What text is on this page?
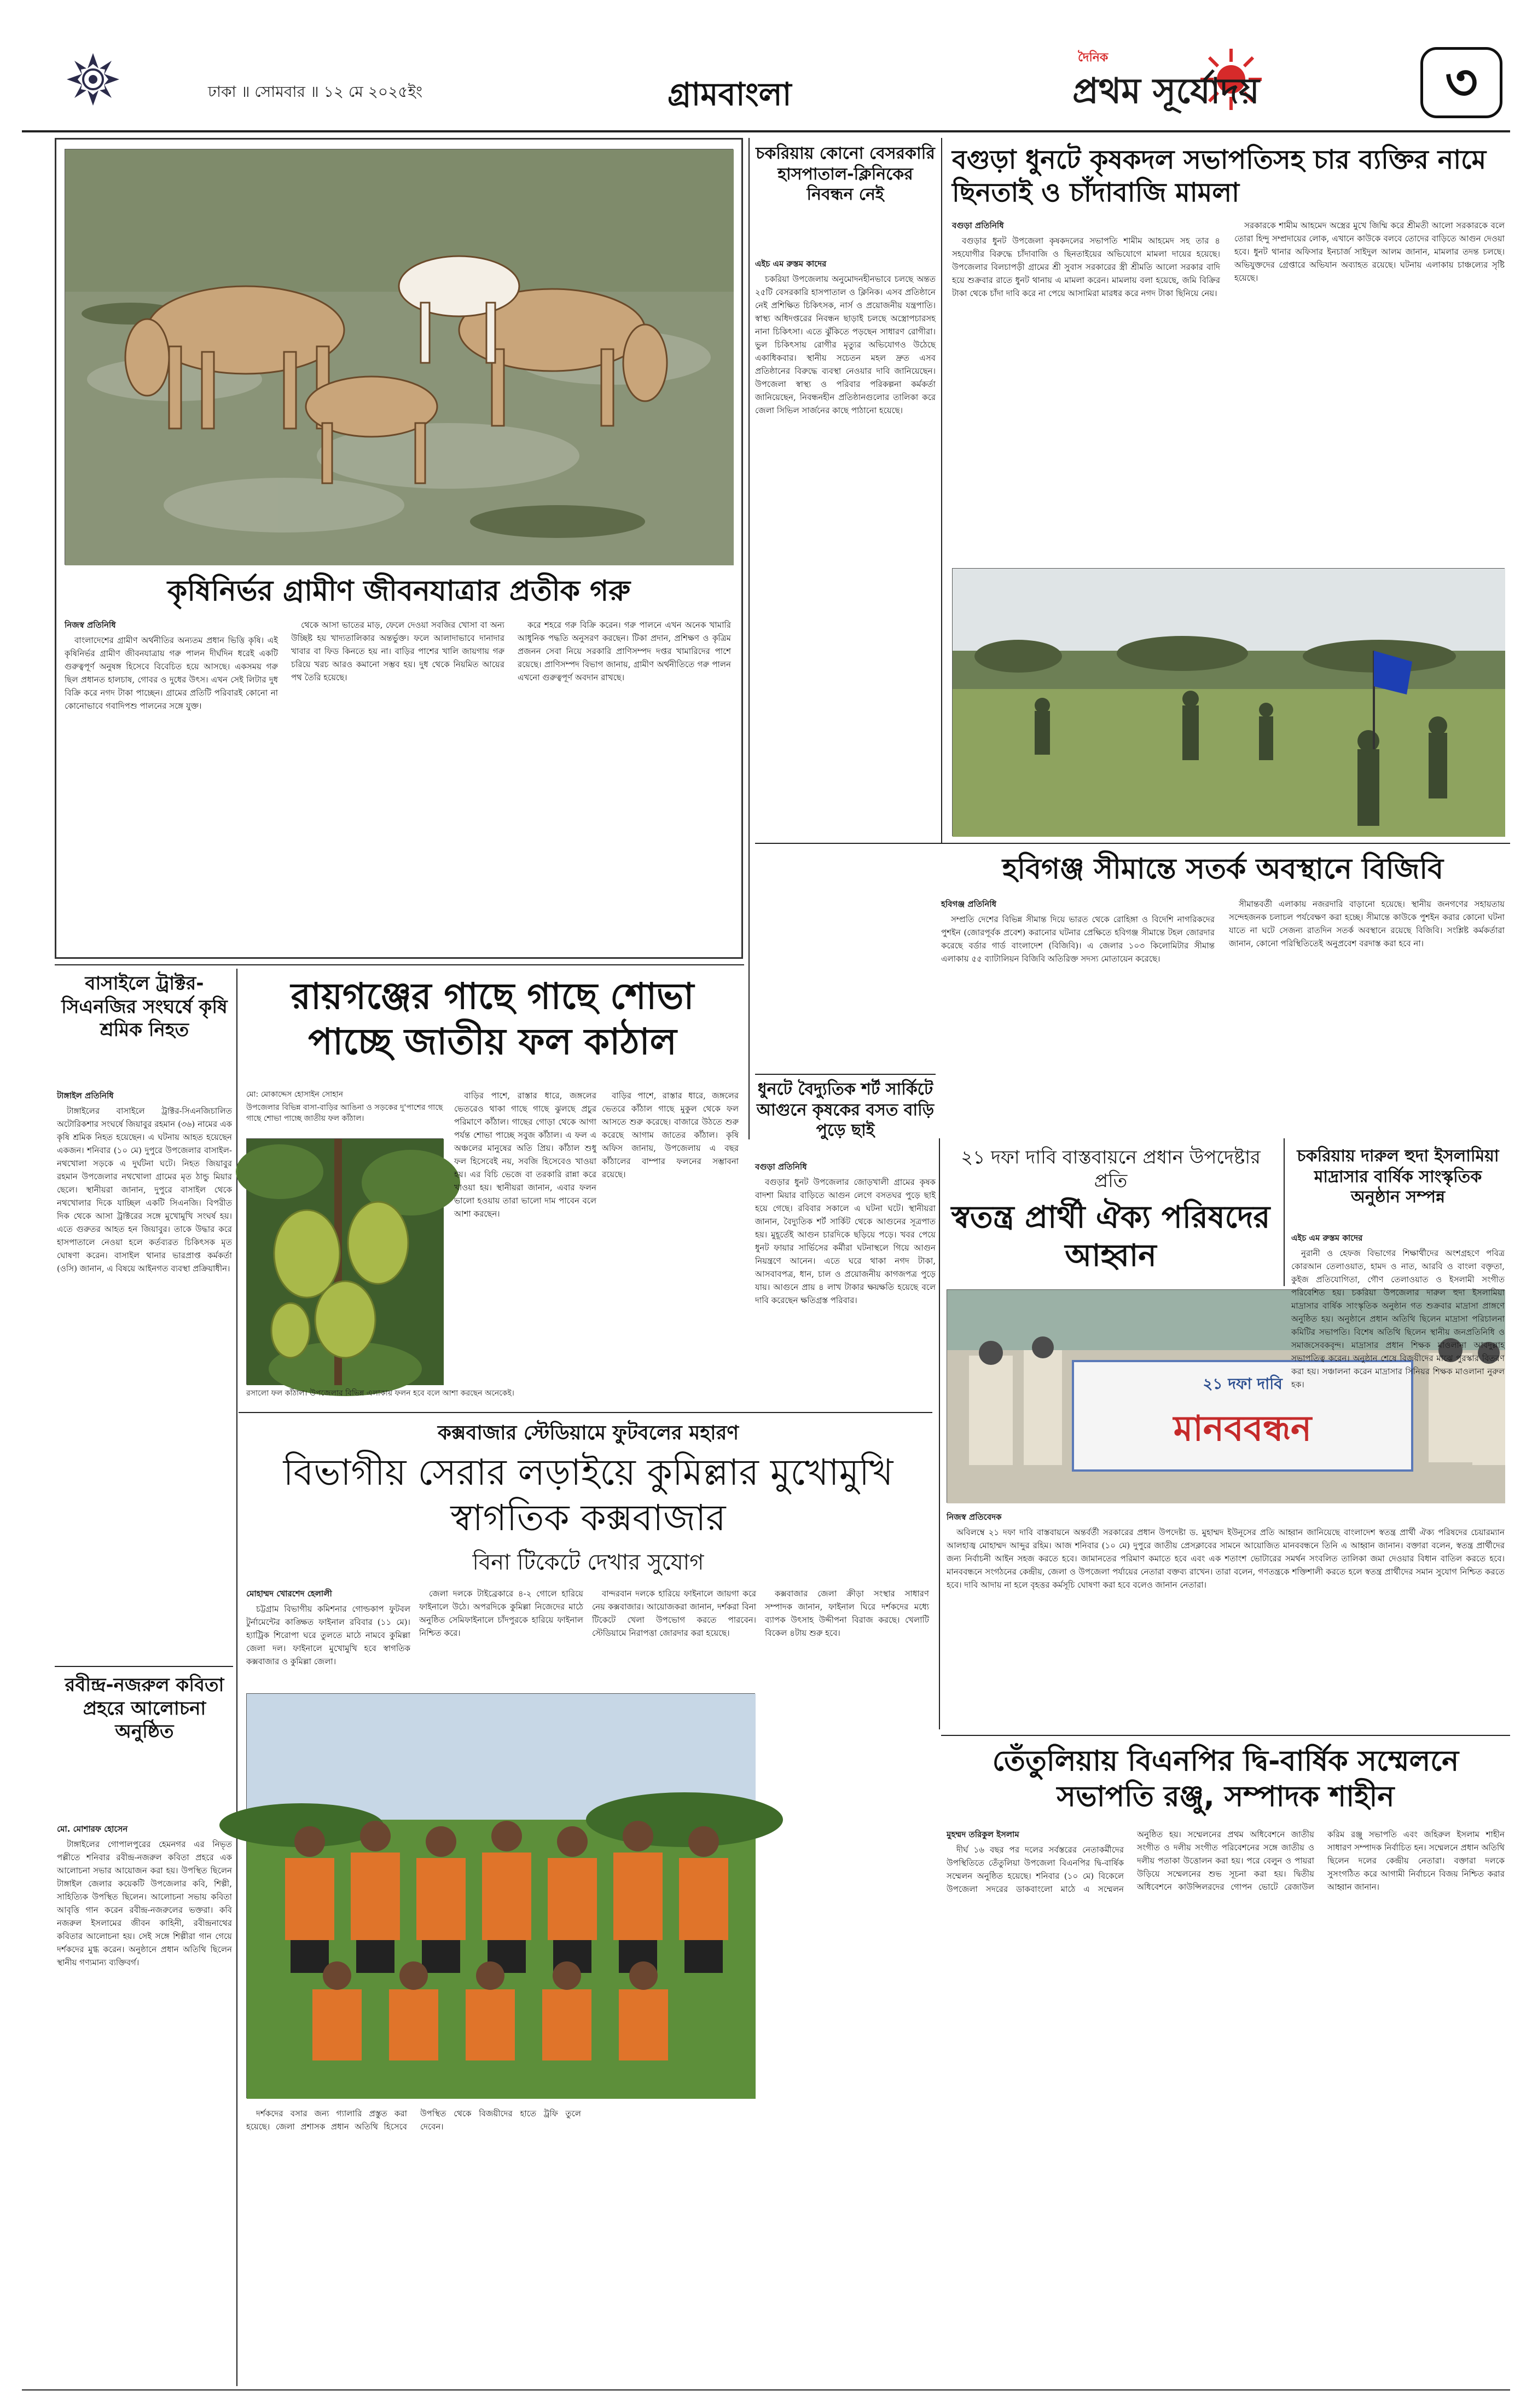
ঢাকা ॥ সোমবার ॥ ১২ মে ২০২৫ইং	গ্রামবাংলা
দৈনিক
প্রথম সূর্যোদয়	৩
কৃষিনির্ভর গ্রামীণ জীবনযাত্রার প্রতীক গরু

নিজস্ব প্রতিনিধি

বাংলাদেশের গ্রামীণ অর্থনীতির অন্যতম প্রধান ভিত্তি কৃষি। এই কৃষিনির্ভর গ্রামীণ জীবনযাত্রায় গরু পালন দীর্ঘদিন ধরেই একটি গুরুত্বপূর্ণ অনুষঙ্গ হিসেবে বিবেচিত হয়ে আসছে। একসময় গরু ছিল প্রধানত হালচাষ, গোবর ও দুধের উৎস। এখন সেই লিটার দুধ বিক্রি করে নগদ টাকা পাচ্ছেন। গ্রামের প্রতিটি পরিবারই কোনো না কোনোভাবে গবাদিপশু পালনের সঙ্গে যুক্ত।

থেকে আসা ভাতের মাড়, ফেলে দেওয়া সবজির খোসা বা অন্য উচ্ছিষ্ট হয় খাদ্যতালিকার অন্তর্ভুক্ত। ফলে আলাদাভাবে দানাদার খাবার বা ফিড কিনতে হয় না। বাড়ির পাশের খালি জায়গায় গরু চরিয়ে খরচ আরও কমানো সম্ভব হয়। দুধ থেকে নিয়মিত আয়ের পথ তৈরি হয়েছে।

করে শহরে গরু বিক্রি করেন। গরু পালনে এখন অনেক খামারি আধুনিক পদ্ধতি অনুসরণ করছেন। টিকা প্রদান, প্রশিক্ষণ ও কৃত্রিম প্রজনন সেবা নিয়ে সরকারি প্রাণিসম্পদ দপ্তর খামারিদের পাশে রয়েছে। প্রাণিসম্পদ বিভাগ জানায়, গ্রামীণ অর্থনীতিতে গরু পালন এখনো গুরুত্বপূর্ণ অবদান রাখছে।

চকরিয়ায় কোনো বেসরকারি হাসপাতাল-ক্লিনিকের নিবন্ধন নেই

এইচ এম রুস্তম কাদের

চকরিয়া উপজেলায় অনুমোদনহীনভাবে চলছে অন্তত ২৫টি বেসরকারি হাসপাতাল ও ক্লিনিক। এসব প্রতিষ্ঠানে নেই প্রশিক্ষিত চিকিৎসক, নার্স ও প্রয়োজনীয় যন্ত্রপাতি। স্বাস্থ্য অধিদপ্তরের নিবন্ধন ছাড়াই চলছে অস্ত্রোপচারসহ নানা চিকিৎসা। এতে ঝুঁকিতে পড়ছেন সাধারণ রোগীরা। ভুল চিকিৎসায় রোগীর মৃত্যুর অভিযোগও উঠেছে একাধিকবার। স্থানীয় সচেতন মহল দ্রুত এসব প্রতিষ্ঠানের বিরুদ্ধে ব্যবস্থা নেওয়ার দাবি জানিয়েছেন। উপজেলা স্বাস্থ্য ও পরিবার পরিকল্পনা কর্মকর্তা জানিয়েছেন, নিবন্ধনহীন প্রতিষ্ঠানগুলোর তালিকা করে জেলা সিভিল সার্জনের কাছে পাঠানো হয়েছে।

বগুড়া ধুনটে কৃষকদল সভাপতিসহ চার ব্যক্তির নামে ছিনতাই ও চাঁদাবাজি মামলা

বগুড়া প্রতিনিধি

বগুড়ার ধুনট উপজেলা কৃষকদলের সভাপতি শামীম আহমেদ সহ তার ৪ সহযোগীর বিরুদ্ধে চাঁদাবাজি ও ছিনতাইয়ের অভিযোগে মামলা দায়ের হয়েছে। উপজেলার বিলচাপড়ী গ্রামের শ্রী সুবাস সরকারের স্ত্রী শ্রীমতি আলো সরকার বাদি হয়ে শুক্রবার রাতে ধুনট থানায় এ মামলা করেন। মামলায় বলা হয়েছে, জমি বিক্রির টাকা থেকে চাঁদা দাবি করে না পেয়ে আসামিরা মারধর করে নগদ টাকা ছিনিয়ে নেয়।

সরকারকে শামীম আহমেদ অস্ত্রের মুখে জিম্মি করে শ্রীমতী আলো সরকারকে বলে তোরা হিন্দু সম্প্রদায়ের লোক, এখানে কাউকে বলবে তোদের বাড়িতে আগুন দেওয়া হবে। ধুনট থানার অফিসার ইনচার্জ সাইদুল আলম জানান, মামলার তদন্ত চলছে। অভিযুক্তদের গ্রেপ্তারে অভিযান অব্যাহত রয়েছে। ঘটনায় এলাকায় চাঞ্চল্যের সৃষ্টি হয়েছে।

হবিগঞ্জ সীমান্তে সতর্ক অবস্থানে বিজিবি

হবিগঞ্জ প্রতিনিধি

সম্প্রতি দেশের বিভিন্ন সীমান্ত দিয়ে ভারত থেকে রোহিঙ্গা ও বিদেশি নাগরিকদের পুশইন (জোরপূর্বক প্রবেশ) করানোর ঘটনার প্রেক্ষিতে হবিগঞ্জ সীমান্তে টহল জোরদার করেছে বর্ডার গার্ড বাংলাদেশ (বিজিবি)। এ জেলার ১০৩ কিলোমিটার সীমান্ত এলাকায় ৫৫ ব্যাটালিয়ন বিজিবি অতিরিক্ত সদস্য মোতায়েন করেছে।

সীমান্তবর্তী এলাকায় নজরদারি বাড়ানো হয়েছে। স্থানীয় জনগণের সহায়তায় সন্দেহজনক চলাচল পর্যবেক্ষণ করা হচ্ছে। সীমান্তে কাউকে পুশইন করার কোনো ঘটনা যাতে না ঘটে সেজন্য রাতদিন সতর্ক অবস্থানে রয়েছে বিজিবি। সংশ্লিষ্ট কর্মকর্তারা জানান, কোনো পরিস্থিতিতেই অনুপ্রবেশ বরদাস্ত করা হবে না।

ধুনটে বৈদ্যুতিক শর্ট সার্কিটে আগুনে কৃষকের বসত বাড়ি পুড়ে ছাই

বগুড়া প্রতিনিধি

বগুড়ার ধুনট উপজেলার জোড়খালী গ্রামের কৃষক বাদশা মিয়ার বাড়িতে আগুন লেগে বসতঘর পুড়ে ছাই হয়ে গেছে। রবিবার সকালে এ ঘটনা ঘটে। স্থানীয়রা জানান, বৈদ্যুতিক শর্ট সার্কিট থেকে আগুনের সূত্রপাত হয়। মুহূর্তেই আগুন চারদিকে ছড়িয়ে পড়ে। খবর পেয়ে ধুনট ফায়ার সার্ভিসের কর্মীরা ঘটনাস্থলে গিয়ে আগুন নিয়ন্ত্রণে আনেন। এতে ঘরে থাকা নগদ টাকা, আসবাবপত্র, ধান, চাল ও প্রয়োজনীয় কাগজপত্র পুড়ে যায়। আগুনে প্রায় ৪ লাখ টাকার ক্ষয়ক্ষতি হয়েছে বলে দাবি করেছেন ক্ষতিগ্রস্ত পরিবার।

বাসাইলে ট্রাক্টর-সিএনজির সংঘর্ষে কৃষি শ্রমিক নিহত

টাঙ্গাইল প্রতিনিধি

টাঙ্গাইলের বাসাইলে ট্রাক্টর-সিএনজিচালিত অটোরিকশার সংঘর্ষে জিয়াবুর রহমান (৩৬) নামের এক কৃষি শ্রমিক নিহত হয়েছেন। এ ঘটনায় আহত হয়েছেন একজন। শনিবার (১০ মে) দুপুরে উপজেলার বাসাইল-নথখোলা সড়কে এ দুর্ঘটনা ঘটে। নিহত জিয়াবুর রহমান উপজেলার নথখোলা গ্রামের মৃত ঠান্ডু মিয়ার ছেলে। স্থানীয়রা জানান, দুপুরে বাসাইল থেকে নথখোলার দিকে যাচ্ছিল একটি সিএনজি। বিপরীত দিক থেকে আসা ট্রাক্টরের সঙ্গে মুখোমুখি সংঘর্ষ হয়। এতে গুরুতর আহত হন জিয়াবুর। তাকে উদ্ধার করে হাসপাতালে নেওয়া হলে কর্তব্যরত চিকিৎসক মৃত ঘোষণা করেন। বাসাইল থানার ভারপ্রাপ্ত কর্মকর্তা (ওসি) জানান, এ বিষয়ে আইনগত ব্যবস্থা প্রক্রিয়াধীন।

রবীন্দ্র-নজরুল কবিতা প্রহরে আলোচনা অনুষ্ঠিত

মো. মোশারফ হোসেন

টাঙ্গাইলের গোপালপুরের হেমনগর এর নিভৃত পল্লীতে শনিবার রবীন্দ্র-নজরুল কবিতা প্রহরে এক আলোচনা সভার আয়োজন করা হয়। উপস্থিত ছিলেন টাঙ্গাইল জেলার কয়েকটি উপজেলার কবি, শিল্পী, সাহিত্যিক উপস্থিত ছিলেন। আলোচনা সভায় কবিতা আবৃত্তি গান করেন রবীন্দ্র-নজরুলের ভক্তরা। কবি নজরুল ইসলামের জীবন কাহিনী, রবীন্দ্রনাথের কবিতার আলোচনা হয়। সেই সঙ্গে শিল্পীরা গান গেয়ে দর্শকদের মুগ্ধ করেন। অনুষ্ঠানে প্রধান অতিথি ছিলেন স্থানীয় গণ্যমান্য ব্যক্তিবর্গ।

রায়গঞ্জের গাছে গাছে শোভা পাচ্ছে জাতীয় ফল কাঠাল
মো: মোকাদ্দেস হোসাইন সোহান
উপজেলার বিভিন্ন বাসা-বাড়ির আঙিনা ও সড়কের দু'পাশের গাছে গাছে শোভা পাচ্ছে জাতীয় ফল কাঁঠাল।
রসালো ফল কাঁঠাল। উপজেলার বিভিন্ন এলাকায় ফলন হবে বলে আশা করছেন অনেকেই।

বাড়ির পাশে, রাস্তার ধারে, জঙ্গলের ভেতরেও থাকা গাছে গাছে ঝুলছে প্রচুর পরিমাণে কাঁঠাল। গাছের গোড়া থেকে আগা পর্যন্ত শোভা পাচ্ছে সবুজ কাঁঠাল। এ ফল এ অঞ্চলের মানুষের অতি প্রিয়। কাঁঠাল শুধু ফল হিসেবেই নয়, সবজি হিসেবেও খাওয়া হয়। এর বিচি ভেজে বা তরকারি রান্না করে খাওয়া হয়। স্থানীয়রা জানান, এবার ফলন ভালো হওয়ায় তারা ভালো দাম পাবেন বলে আশা করছেন।

বাড়ির পাশে, রাস্তার ধারে, জঙ্গলের ভেতরে কাঁঠাল গাছে মুকুল থেকে ফল আসতে শুরু করেছে। বাজারে উঠতে শুরু করেছে আগাম জাতের কাঁঠাল। কৃষি অফিস জানায়, উপজেলায় এ বছর কাঁঠালের বাম্পার ফলনের সম্ভাবনা রয়েছে।

কক্সবাজার স্টেডিয়ামে ফুটবলের মহারণ
বিভাগীয় সেরার লড়াইয়ে কুমিল্লার মুখোমুখি স্বাগতিক কক্সবাজার
বিনা টিকেটে দেখার সুযোগ

মোহাম্মদ খোরশেদ হেলালী

চট্টগ্রাম বিভাগীয় কমিশনার গোল্ডকাপ ফুটবল টুর্নামেন্টের কাঙ্ক্ষিত ফাইনাল রবিবার (১১ মে)। হ্যাট্রিক শিরোপা ঘরে তুলতে মাঠে নামবে কুমিল্লা জেলা দল। ফাইনালে মুখোমুখি হবে স্বাগতিক কক্সবাজার ও কুমিল্লা জেলা।

জেলা দলকে টাইব্রেকারে ৪-২ গোলে হারিয়ে ফাইনালে উঠে। অপরদিকে কুমিল্লা নিজেদের মাঠে অনুষ্ঠিত সেমিফাইনালে চাঁদপুরকে হারিয়ে ফাইনাল নিশ্চিত করে।

বান্দরবান দলকে হারিয়ে ফাইনালে জায়গা করে নেয় কক্সবাজার। আয়োজকরা জানান, দর্শকরা বিনা টিকেটে খেলা উপভোগ করতে পারবেন। স্টেডিয়ামে নিরাপত্তা জোরদার করা হয়েছে।

কক্সবাজার জেলা ক্রীড়া সংস্থার সাধারণ সম্পাদক জানান, ফাইনাল ঘিরে দর্শকদের মধ্যে ব্যাপক উৎসাহ উদ্দীপনা বিরাজ করছে। খেলাটি বিকেল ৪টায় শুরু হবে।

দর্শকদের বসার জন্য গ্যালারি প্রস্তুত করা হয়েছে। জেলা প্রশাসক প্রধান অতিথি হিসেবে উপস্থিত থেকে বিজয়ীদের হাতে ট্রফি তুলে দেবেন।

২১ দফা দাবি বাস্তবায়নে প্রধান উপদেষ্টার প্রতি
স্বতন্ত্র প্রার্থী ঐক্য পরিষদের আহ্বান
২১ দফা দাবি
মানববন্ধন

নিজস্ব প্রতিবেদক

অবিলম্বে ২১ দফা দাবি বাস্তবায়নে অন্তর্বর্তী সরকারের প্রধান উপদেষ্টা ড. মুহাম্মদ ইউনূসের প্রতি আহ্বান জানিয়েছে বাংলাদেশ স্বতন্ত্র প্রার্থী ঐক্য পরিষদের চেয়ারম্যান আলহাজ্ব মোহাম্মদ আব্দুর রহিম। আজ শনিবার (১০ মে) দুপুরে জাতীয় প্রেসক্লাবের সামনে আয়োজিত মানববন্ধনে তিনি এ আহ্বান জানান। বক্তারা বলেন, স্বতন্ত্র প্রার্থীদের জন্য নির্বাচনী আইন সহজ করতে হবে। জামানতের পরিমাণ কমাতে হবে এবং এক শতাংশ ভোটারের সমর্থন সংবলিত তালিকা জমা দেওয়ার বিধান বাতিল করতে হবে। মানববন্ধনে সংগঠনের কেন্দ্রীয়, জেলা ও উপজেলা পর্যায়ের নেতারা বক্তব্য রাখেন। তারা বলেন, গণতন্ত্রকে শক্তিশালী করতে হলে স্বতন্ত্র প্রার্থীদের সমান সুযোগ নিশ্চিত করতে হবে। দাবি আদায় না হলে বৃহত্তর কর্মসূচি ঘোষণা করা হবে বলেও জানান নেতারা।

চকরিয়ায় দারুল হুদা ইসলামিয়া মাদ্রাসার বার্ষিক সাংস্কৃতিক অনুষ্ঠান সম্পন্ন

এইচ এম রুস্তম কাদের

নুরানী ও হেফজ বিভাগের শিক্ষার্থীদের অংশগ্রহণে পবিত্র কোরআন তেলাওয়াত, হামদ ও নাত, আরবি ও বাংলা বক্তৃতা, কুইজ প্রতিযোগিতা, গৌণ তেলাওয়াত ও ইসলামী সংগীত পরিবেশিত হয়। চকরিয়া উপজেলার দারুল হুদা ইসলামিয়া মাদ্রাসার বার্ষিক সাংস্কৃতিক অনুষ্ঠান গত শুক্রবার মাদ্রাসা প্রাঙ্গণে অনুষ্ঠিত হয়। অনুষ্ঠানে প্রধান অতিথি ছিলেন মাদ্রাসা পরিচালনা কমিটির সভাপতি। বিশেষ অতিথি ছিলেন স্থানীয় জনপ্রতিনিধি ও সমাজসেবকবৃন্দ। মাদ্রাসার প্রধান শিক্ষক মাওলানা আবদুল্লাহ সভাপতিত্ব করেন। অনুষ্ঠান শেষে বিজয়ীদের মাঝে পুরস্কার বিতরণ করা হয়। সঞ্চালনা করেন মাদ্রাসার সিনিয়র শিক্ষক মাওলানা নুরুল হক।

তেঁতুলিয়ায় বিএনপির দ্বি-বার্ষিক সম্মেলনে সভাপতি রঞ্জু, সম্পাদক শাহীন

মুহম্মদ তরিকুল ইসলাম

দীর্ঘ ১৬ বছর পর দলের সর্বস্তরের নেতাকর্মীদের উপস্থিতিতে তেঁতুলিয়া উপজেলা বিএনপির দ্বি-বার্ষিক সম্মেলন অনুষ্ঠিত হয়েছে। শনিবার (১০ মে) বিকেলে উপজেলা সদরের ডাকবাংলো মাঠে এ সম্মেলন অনুষ্ঠিত হয়। সম্মেলনের প্রথম অধিবেশনে জাতীয় সংগীত ও দলীয় সংগীত পরিবেশনের সঙ্গে জাতীয় ও দলীয় পতাকা উত্তোলন করা হয়। পরে বেলুন ও পায়রা উড়িয়ে সম্মেলনের শুভ সূচনা করা হয়। দ্বিতীয় অধিবেশনে কাউন্সিলরদের গোপন ভোটে রেজাউল করিম রঞ্জু সভাপতি এবং জহিরুল ইসলাম শাহীন সাধারণ সম্পাদক নির্বাচিত হন। সম্মেলনে প্রধান অতিথি ছিলেন দলের কেন্দ্রীয় নেতারা। বক্তারা দলকে সুসংগঠিত করে আগামী নির্বাচনে বিজয় নিশ্চিত করার আহ্বান জানান।
